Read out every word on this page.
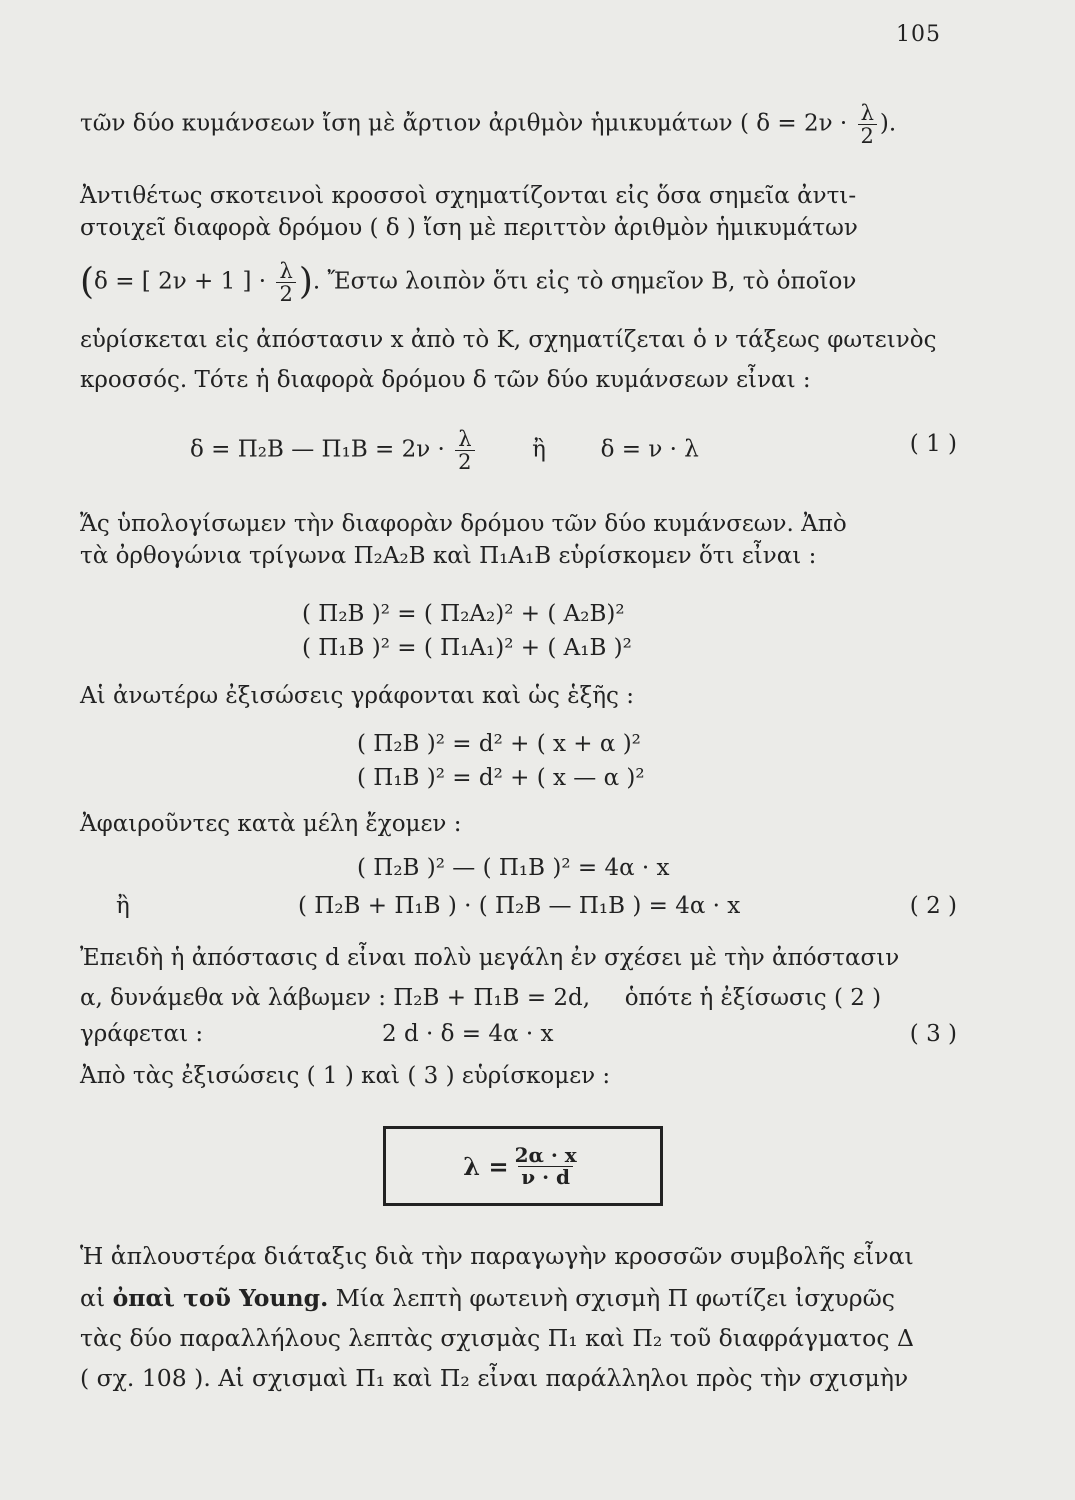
105
τῶν δύο κυμάνσεων ἴση μὲ ἄρτιον ἀριθμὸν ἡμικυμάτων ( $\delta = 2\nu \cdot \frac{\lambda}{2}$ ).
Ἀντιθέτως σκοτεινοὶ κροσσοὶ σχηματίζονται εἰς ὅσα σημεῖα ἀντι-
στοιχεῖ διαφορὰ δρόμου ( δ ) ἴση μὲ περιττὸν ἀριθμὸν ἡμικυμάτων
(δ = [ 2ν + 1 ] · $\frac{\lambda}{2}$ ). Ἔστω λοιπὸν ὅτι εἰς τὸ σημεῖον Β, τὸ ὁποῖον
εὑρίσκεται εἰς ἀπόστασιν x ἀπὸ τὸ Κ, σχηματίζεται ὁ ν τάξεως φωτεινὸς
κροσσός. Τότε ἡ διαφορὰ δρόμου δ τῶν δύο κυμάνσεων εἶναι :
δ = Π₂Β — $\Pi_1B = 2\nu \cdot \frac{\lambda}{2}$	ἢ δ = ν · λ	( 1 )
Ἄς ὑπολογίσωμεν τὴν διαφορὰν δρόμου τῶν δύο κυμάνσεων. Ἀπὸ
τὰ ὀρθογώνια τρίγωνα Π₂Α₂Β καὶ Π₁Α₁Β εὑρίσκομεν ὅτι εἶναι :
( Π₂Β )² = ( Π₂Α₂)² + ( Α₂Β)²
( Π₁Β )² = ( Π₁Α₁)² + ( Α₁Β )²
Αἱ ἀνωτέρω ἐξισώσεις γράφονται καὶ ὡς ἑξῆς :
( Π₂Β )² = d² + ( x + α )²
( Π₁Β )² = d² + ( x — α )²
Ἀφαιροῦντες κατὰ μέλη ἔχομεν :
( Π₂Β )² — ( Π₁Β )² = 4α · x
ἢ	( Π₂Β + Π₁Β ) · ( Π₂Β — Π₁Β ) = 4α · x	( 2 )
Ἐπειδὴ ἡ ἀπόστασις d εἶναι πολὺ μεγάλη ἐν σχέσει μὲ τὴν ἀπόστασιν
α, δυνάμεθα νὰ λάβωμεν : Π₂Β + Π₁Β = 2d, ὁπότε ἡ ἐξίσωσις ( 2 )
γράφεται :	2 d · δ = 4α · x	( 3 )
Ἀπὸ τὰς ἐξισώσεις ( 1 ) καὶ ( 3 ) εὑρίσκομεν :
$\lambda = \frac{2\alpha \cdot x}{\nu \cdot d}$
Ἡ ἁπλουστέρα διάταξις διὰ τὴν παραγωγὴν κροσσῶν συμβολῆς εἶναι
αἱ ὀπαὶ τοῦ Young. Μία λεπτὴ φωτεινὴ σχισμὴ Π φωτίζει ἰσχυρῶς
τὰς δύο παραλλήλους λεπτὰς σχισμὰς Π₁ καὶ Π₂ τοῦ διαφράγματος Δ
( σχ. 108 ). Αἱ σχισμαὶ Π₁ καὶ Π₂ εἶναι παράλληλοι πρὸς τὴν σχισμὴν
